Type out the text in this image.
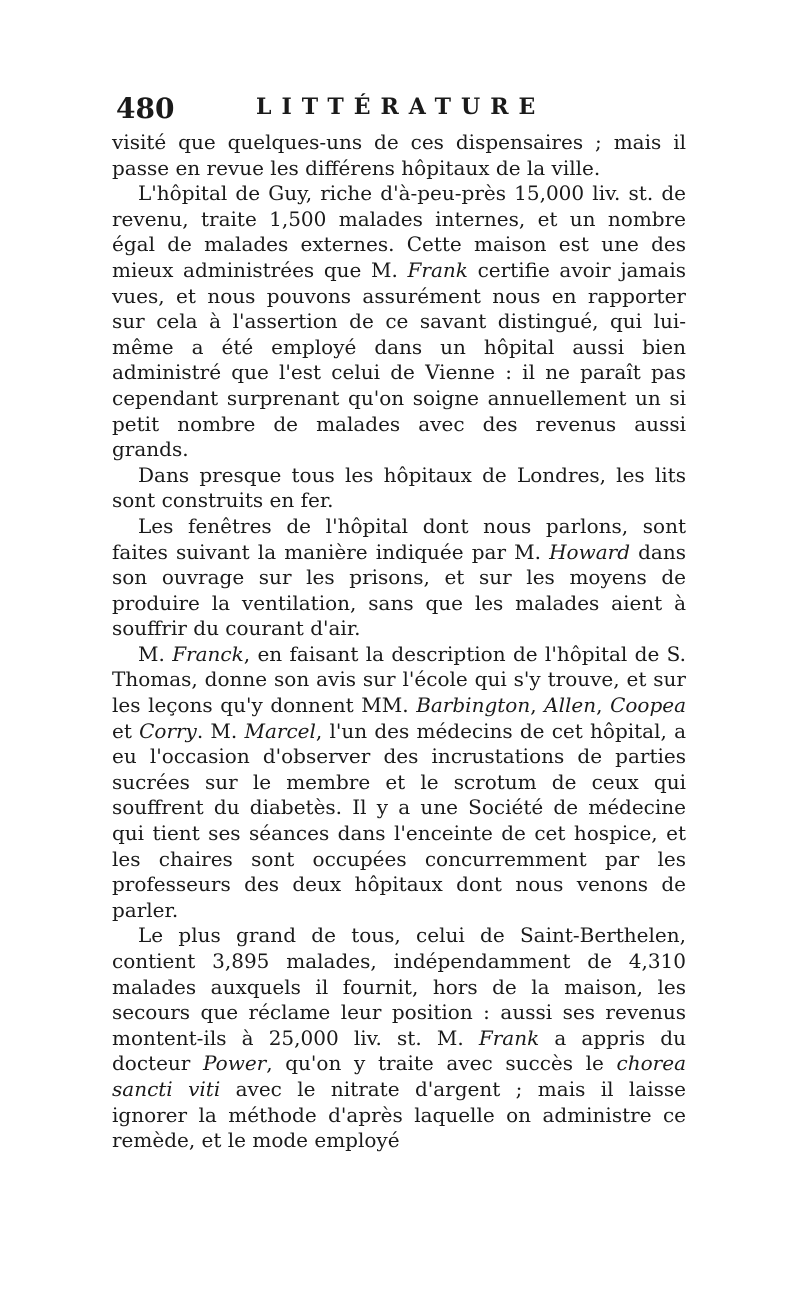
480	LITTÉRATURE

visité que quelques-uns de ces dispensaires ; mais il passe en revue les différens hôpitaux de la ville.

L'hôpital de Guy, riche d'à-peu-près 15,000 liv. st. de revenu, traite 1,500 malades internes, et un nombre égal de malades externes. Cette maison est une des mieux administrées que M. Frank certifie avoir jamais vues, et nous pouvons assurément nous en rapporter sur cela à l'assertion de ce savant distingué, qui lui-même a été employé dans un hôpital aussi bien administré que l'est celui de Vienne : il ne paraît pas cependant surprenant qu'on soigne annuellement un si petit nombre de malades avec des revenus aussi grands.

Dans presque tous les hôpitaux de Londres, les lits sont construits en fer.

Les fenêtres de l'hôpital dont nous parlons, sont faites suivant la manière indiquée par M. Howard dans son ouvrage sur les prisons, et sur les moyens de produire la ventilation, sans que les malades aient à souffrir du courant d'air.

M. Franck, en faisant la description de l'hôpital de S. Thomas, donne son avis sur l'école qui s'y trouve, et sur les leçons qu'y donnent MM. Barbington, Allen, Coopea et Corry. M. Marcel, l'un des médecins de cet hôpital, a eu l'occasion d'observer des incrustations de parties sucrées sur le membre et le scrotum de ceux qui souffrent du diabetès. Il y a une Société de médecine qui tient ses séances dans l'enceinte de cet hospice, et les chaires sont occupées concurremment par les professeurs des deux hôpitaux dont nous venons de parler.

Le plus grand de tous, celui de Saint-Berthelen, contient 3,895 malades, indépendamment de 4,310 malades auxquels il fournit, hors de la maison, les secours que réclame leur position : aussi ses revenus montent-ils à 25,000 liv. st. M. Frank a appris du docteur Power, qu'on y traite avec succès le chorea sancti viti avec le nitrate d'argent ; mais il laisse ignorer la méthode d'après laquelle on administre ce remède, et le mode employé
